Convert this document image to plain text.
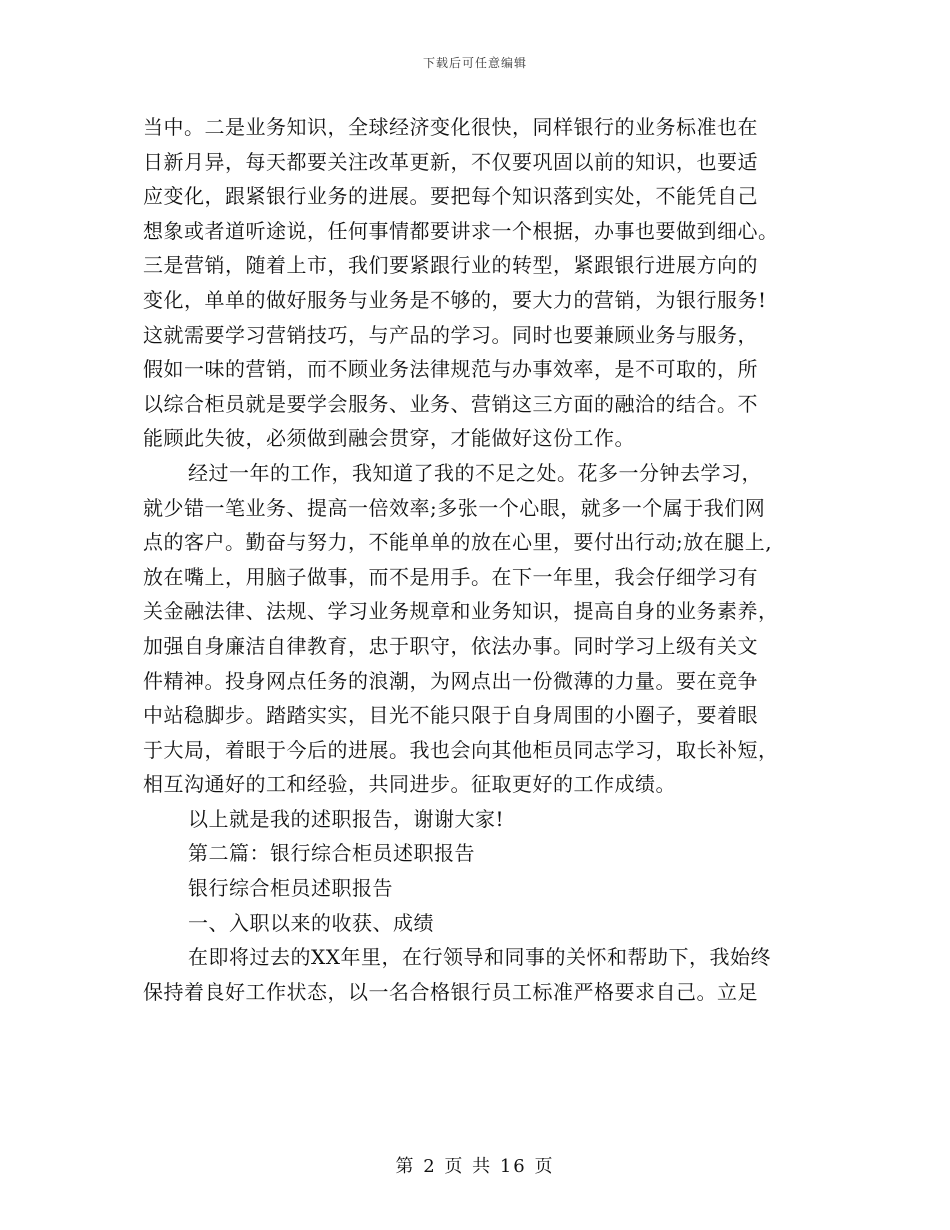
下载后可任意编辑
当中。二是业务知识，全球经济变化很快，同样银行的业务标准也在
日新月异，每天都要关注改革更新，不仅要巩固以前的知识，也要适
应变化，跟紧银行业务的进展。要把每个知识落到实处，不能凭自己
想象或者道听途说，任何事情都要讲求一个根据，办事也要做到细心。
三是营销，随着上市，我们要紧跟行业的转型，紧跟银行进展方向的
变化，单单的做好服务与业务是不够的，要大力的营销，为银行服务!
这就需要学习营销技巧，与产品的学习。同时也要兼顾业务与服务，
假如一味的营销，而不顾业务法律规范与办事效率，是不可取的，所
以综合柜员就是要学会服务、业务、营销这三方面的融洽的结合。不
能顾此失彼，必须做到融会贯穿，才能做好这份工作。
经过一年的工作，我知道了我的不足之处。花多一分钟去学习，
就少错一笔业务、提高一倍效率;多张一个心眼，就多一个属于我们网
点的客户。勤奋与努力，不能单单的放在心里，要付出行动;放在腿上,
放在嘴上，用脑子做事，而不是用手。在下一年里，我会仔细学习有
关金融法律、法规、学习业务规章和业务知识，提高自身的业务素养，
加强自身廉洁自律教育，忠于职守，依法办事。同时学习上级有关文
件精神。投身网点任务的浪潮，为网点出一份微薄的力量。要在竞争
中站稳脚步。踏踏实实，目光不能只限于自身周围的小圈子，要着眼
于大局，着眼于今后的进展。我也会向其他柜员同志学习，取长补短，
相互沟通好的工和经验，共同进步。征取更好的工作成绩。
以上就是我的述职报告，谢谢大家!
第二篇：银行综合柜员述职报告
银行综合柜员述职报告
一、入职以来的收获、成绩
在即将过去的XX年里，在行领导和同事的关怀和帮助下，我始终
保持着良好工作状态，以一名合格银行员工标准严格要求自己。立足
第 2 页 共 16 页
